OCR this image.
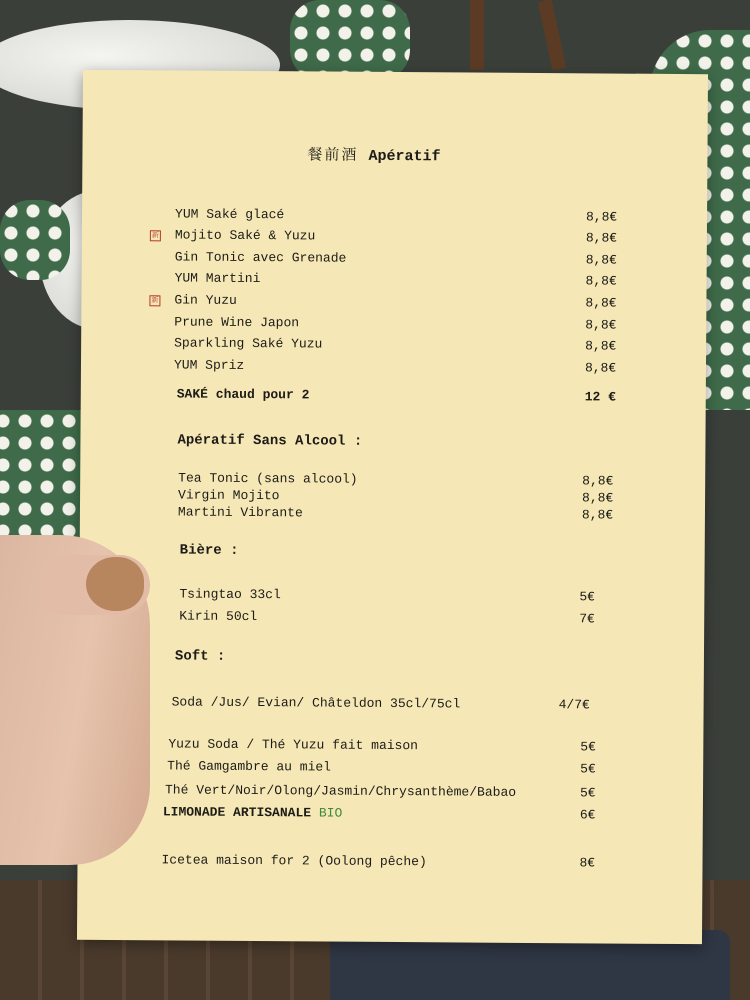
餐前酒 Apératif
YUM Saké glacé	8,8€
新 Mojito Saké & Yuzu	8,8€
Gin Tonic avec Grenade	8,8€
YUM Martini	8,8€
新 Gin Yuzu	8,8€
Prune Wine Japon	8,8€
Sparkling Saké Yuzu	8,8€
YUM Spriz	8,8€
SAKÉ chaud pour 2	12 €
Apératif Sans Alcool :
Tea Tonic (sans alcool)	8,8€
Virgin Mojito	8,8€
Martini Vibrante	8,8€
Bière :
Tsingtao 33cl	5€
Kirin 50cl	7€
Soft :
Soda /Jus/ Evian/ Châteldon 35cl/75cl	4/7€
Yuzu Soda / Thé Yuzu fait maison	5€
Thé Gamgambre au miel	5€
Thé Vert/Noir/Olong/Jasmin/Chrysanthème/Babao	5€
LIMONADE ARTISANALE BIO	6€
Icetea maison for 2 (Oolong pêche)	8€
